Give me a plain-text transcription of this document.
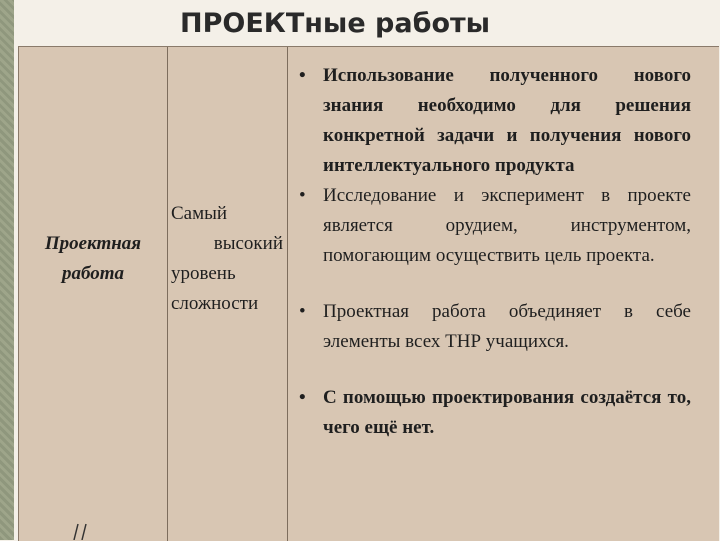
ПРОЕКТные работы
Проектная работа
Самый
высокий
уровень
сложности
• Использование полученного нового знания необходимо для решения конкретной задачи и получения нового интеллектуального продукта
• Исследование и эксперимент в проекте является орудием, инструментом, помогающим осуществить цель проекта.
• Проектная работа объединяет в себе элементы всех ТНР учащихся.
• С помощью проектирования создаётся то, чего ещё нет.
